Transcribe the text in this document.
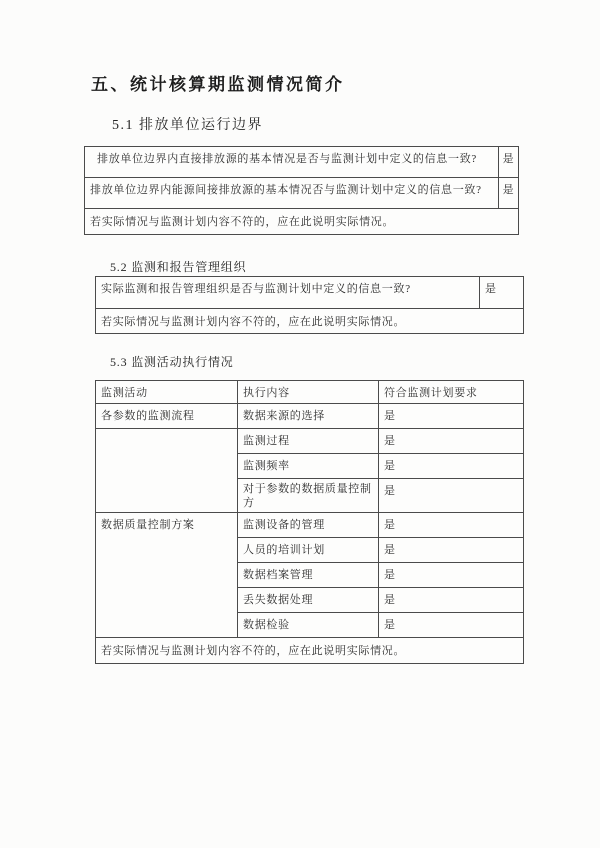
五、统计核算期监测情况简介
5.1 排放单位运行边界
排放单位边界内直接排放源的基本情况是否与监测计划中定义的信息一致?	是
排放单位边界内能源间接排放源的基本情况否与监测计划中定义的信息一致?	是
若实际情况与监测计划内容不符的，应在此说明实际情况。	
5.2 监测和报告管理组织
实际监测和报告管理组织是否与监测计划中定义的信息一致?	是
若实际情况与监测计划内容不符的，应在此说明实际情况。
5.3 监测活动执行情况
监测活动	执行内容	符合监测计划要求
各参数的监测流程	数据来源的选择	是
	监测过程	是
	监测频率	是
	对于参数的数据质量控制方	是
数据质量控制方案	监测设备的管理	是
	人员的培训计划	是
	数据档案管理	是
	丢失数据处理	是
	数据检验	是
若实际情况与监测计划内容不符的，应在此说明实际情况。		
